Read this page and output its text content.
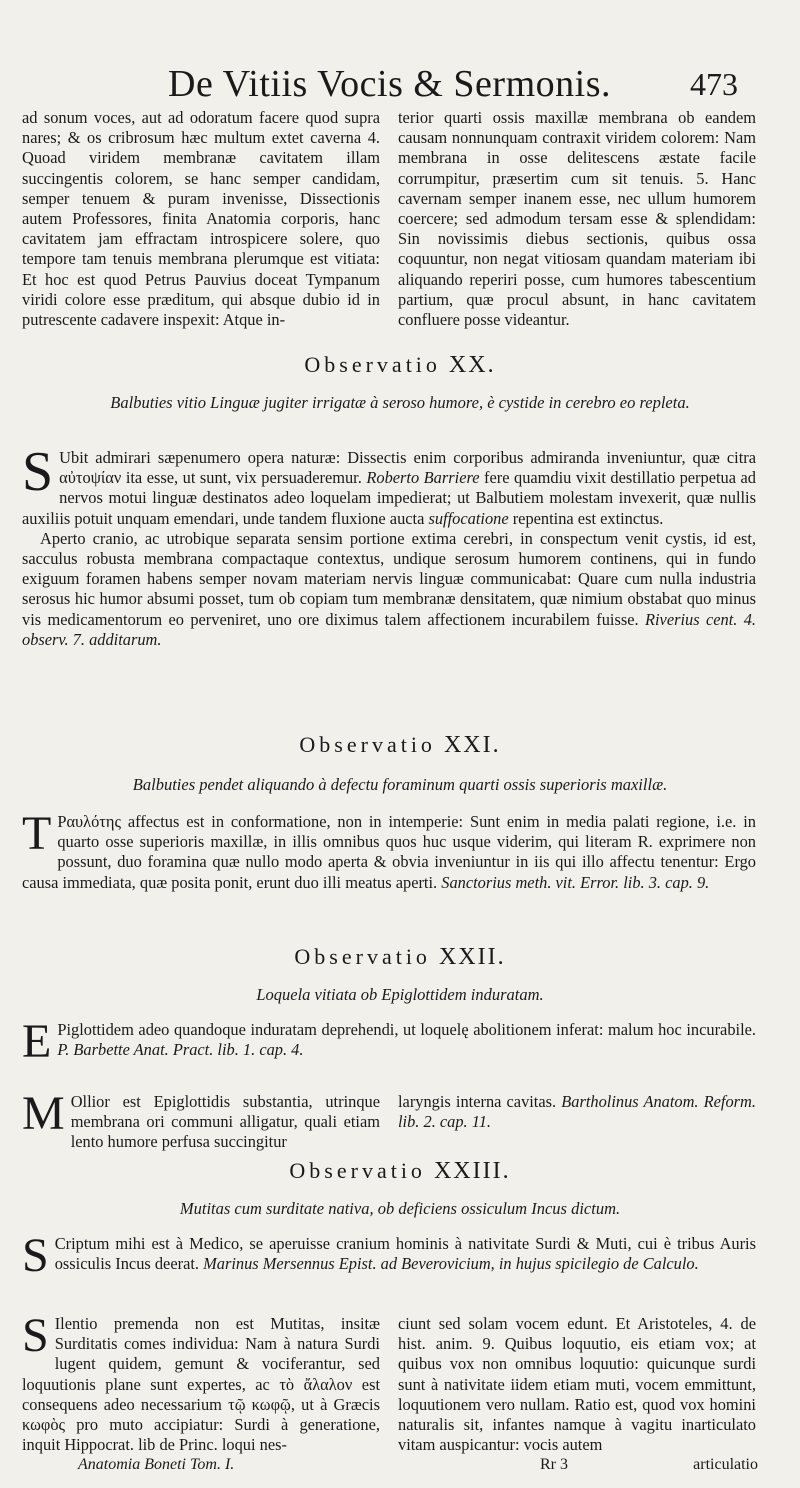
De Vitiis Vocis & Sermonis. 473
ad sonum voces, aut ad odoratum facere quod supra nares; & os cribrosum hæc multum extet caverna 4. Quoad viridem membranæ cavitatem illam succingentis colorem, se hanc semper candidam, semper tenuem & puram invenisse, Dissectionis autem Professores, finita Anatomia corporis, hanc cavitatem jam effractam introspicere solere, quo tempore tam tenuis membrana plerumque est vitiata: Et hoc est quod Petrus Pauvius doceat Tympanum viridi colore esse præditum, qui absque dubio id in putrescente cadavere inspexit: Atque in-
terior quarti ossis maxillæ membrana ob eandem causam nonnunquam contraxit viridem colorem: Nam membrana in osse delitescens æstate facile corrumpitur, præsertim cum sit tenuis. 5. Hanc cavernam semper inanem esse, nec ullum humorem coercere; sed admodum tersam esse & splendidam: Sin novissimis diebus sectionis, quibus ossa coquuntur, non negat vitiosam quandam materiam ibi aliquando reperiri posse, cum humores tabescentium partium, quæ procul absunt, in hanc cavitatem confluere posse videantur.
Observatio XX.
Balbuties vitio Linguæ jugiter irrigatæ à seroso humore, è cystide in cerebro eo repleta.

S Ubit admirari sæpenumero opera naturæ: Dissectis enim corporibus admiranda inveniuntur, quæ citra αὐτοψίαν ita esse, ut sunt, vix persuaderemur. Roberto Barriere fere quamdiu vixit destillatio perpetua ad nervos motui linguæ destinatos adeo loquelam impedierat; ut Balbutiem molestam invexerit, quæ nullis auxiliis potuit unquam emendari, unde tandem fluxione aucta suffocatione repentina est extinctus.

Aperto cranio, ac utrobique separata sensim portione extima cerebri, in conspectum venit cystis, id est, sacculus robusta membrana compactaque contextus, undique serosum humorem continens, qui in fundo exiguum foramen habens semper novam materiam nervis linguæ communicabat: Quare cum nulla industria serosus hic humor absumi posset, tum ob copiam tum membranæ densitatem, quæ nimium obstabat quo minus vis medicamentorum eo perveniret, uno ore diximus talem affectionem incurabilem fuisse. Riverius cent. 4. observ. 7. additarum.

Observatio XXI.
Balbuties pendet aliquando à defectu foraminum quarti ossis superioris maxillæ.

T Ραυλότης affectus est in conformatione, non in intemperie: Sunt enim in media palati regione, i.e. in quarto osse superioris maxillæ, in illis omnibus quos huc usque viderim, qui literam R. exprimere non possunt, duo foramina quæ nullo modo aperta & obvia inveniuntur in iis qui illo affectu tenentur: Ergo causa immediata, quæ posita ponit, erunt duo illi meatus aperti. Sanctorius meth. vit. Error. lib. 3. cap. 9.

Observatio XXII.
Loquela vitiata ob Epiglottidem induratam.

E Piglottidem adeo quandoque induratam deprehendi, ut loquelę abolitionem inferat: malum hoc incurabile. P. Barbette Anat. Pract. lib. 1. cap. 4.

M Ollior est Epiglottidis substantia, utrinque membrana ori communi alligatur, quali etiam lento humore perfusa succingitur
laryngis interna cavitas. Bartholinus Anatom. Reform. lib. 2. cap. 11.
Observatio XXIII.
Mutitas cum surditate nativa, ob deficiens ossiculum Incus dictum.

S Criptum mihi est à Medico, se aperuisse cranium hominis à nativitate Surdi & Muti, cui è tribus Auris ossiculis Incus deerat. Marinus Mersennus Epist. ad Beverovicium, in hujus spicilegio de Calculo.

S Ilentio premenda non est Mutitas, insitæ Surditatis comes individua: Nam à natura Surdi lugent quidem, gemunt & vociferantur, sed loquutionis plane sunt expertes, ac τὸ ἄλαλον est consequens adeo necessarium τῷ κωφῷ, ut à Græcis κωφὸς pro muto accipiatur: Surdi à generatione, inquit Hippocrat. lib de Princ. loqui nes-
ciunt sed solam vocem edunt. Et Aristoteles, 4. de hist. anim. 9. Quibus loquutio, eis etiam vox; at quibus vox non omnibus loquutio: quicunque surdi sunt à nativitate iidem etiam muti, vocem emmittunt, loquutionem vero nullam. Ratio est, quod vox homini naturalis sit, infantes namque à vagitu inarticulato vitam auspicantur: vocis autem
Anatomia Boneti Tom. I.	Rr 3	articulatio
